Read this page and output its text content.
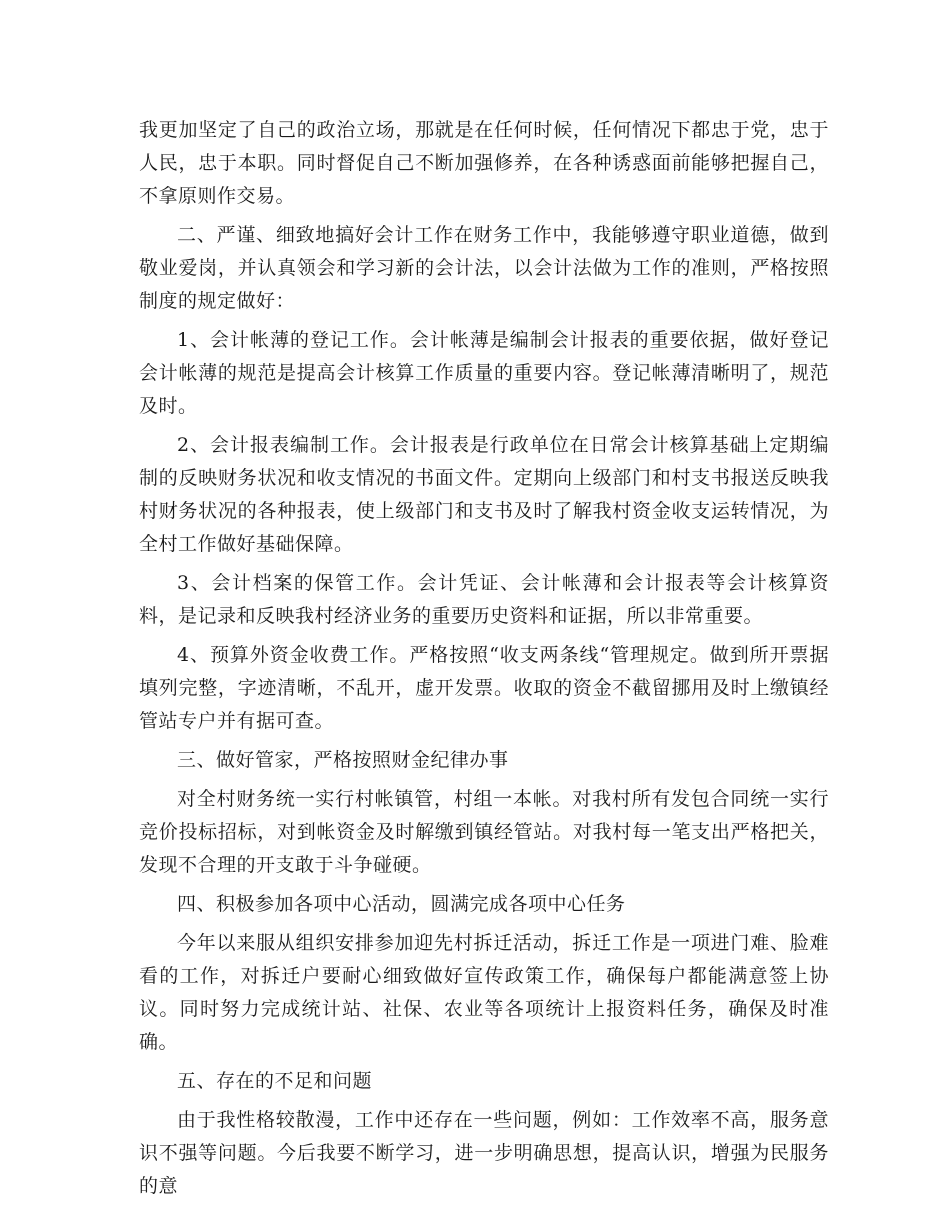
我更加坚定了自己的政治立场，那就是在任何时候，任何情况下都忠于党，忠于人民，忠于本职。同时督促自己不断加强修养，在各种诱惑面前能够把握自己，不拿原则作交易。

二、严谨、细致地搞好会计工作在财务工作中，我能够遵守职业道德，做到敬业爱岗，并认真领会和学习新的会计法，以会计法做为工作的准则，严格按照制度的规定做好：

1、会计帐薄的登记工作。会计帐薄是编制会计报表的重要依据，做好登记会计帐薄的规范是提高会计核算工作质量的重要内容。登记帐薄清晰明了，规范及时。

2、会计报表编制工作。会计报表是行政单位在日常会计核算基础上定期编制的反映财务状况和收支情况的书面文件。定期向上级部门和村支书报送反映我村财务状况的各种报表，使上级部门和支书及时了解我村资金收支运转情况，为全村工作做好基础保障。

3、会计档案的保管工作。会计凭证、会计帐薄和会计报表等会计核算资料，是记录和反映我村经济业务的重要历史资料和证据，所以非常重要。

4、预算外资金收费工作。严格按照“收支两条线“管理规定。做到所开票据填列完整，字迹清晰，不乱开，虚开发票。收取的资金不截留挪用及时上缴镇经管站专户并有据可查。

三、做好管家，严格按照财金纪律办事

对全村财务统一实行村帐镇管，村组一本帐。对我村所有发包合同统一实行竞价投标招标，对到帐资金及时解缴到镇经管站。对我村每一笔支出严格把关，发现不合理的开支敢于斗争碰硬。

四、积极参加各项中心活动，圆满完成各项中心任务

今年以来服从组织安排参加迎先村拆迁活动，拆迁工作是一项进门难、脸难看的工作，对拆迁户要耐心细致做好宣传政策工作，确保每户都能满意签上协议。同时努力完成统计站、社保、农业等各项统计上报资料任务，确保及时准确。

五、存在的不足和问题

由于我性格较散漫，工作中还存在一些问题，例如：工作效率不高，服务意识不强等问题。今后我要不断学习，进一步明确思想，提高认识，增强为民服务的意
